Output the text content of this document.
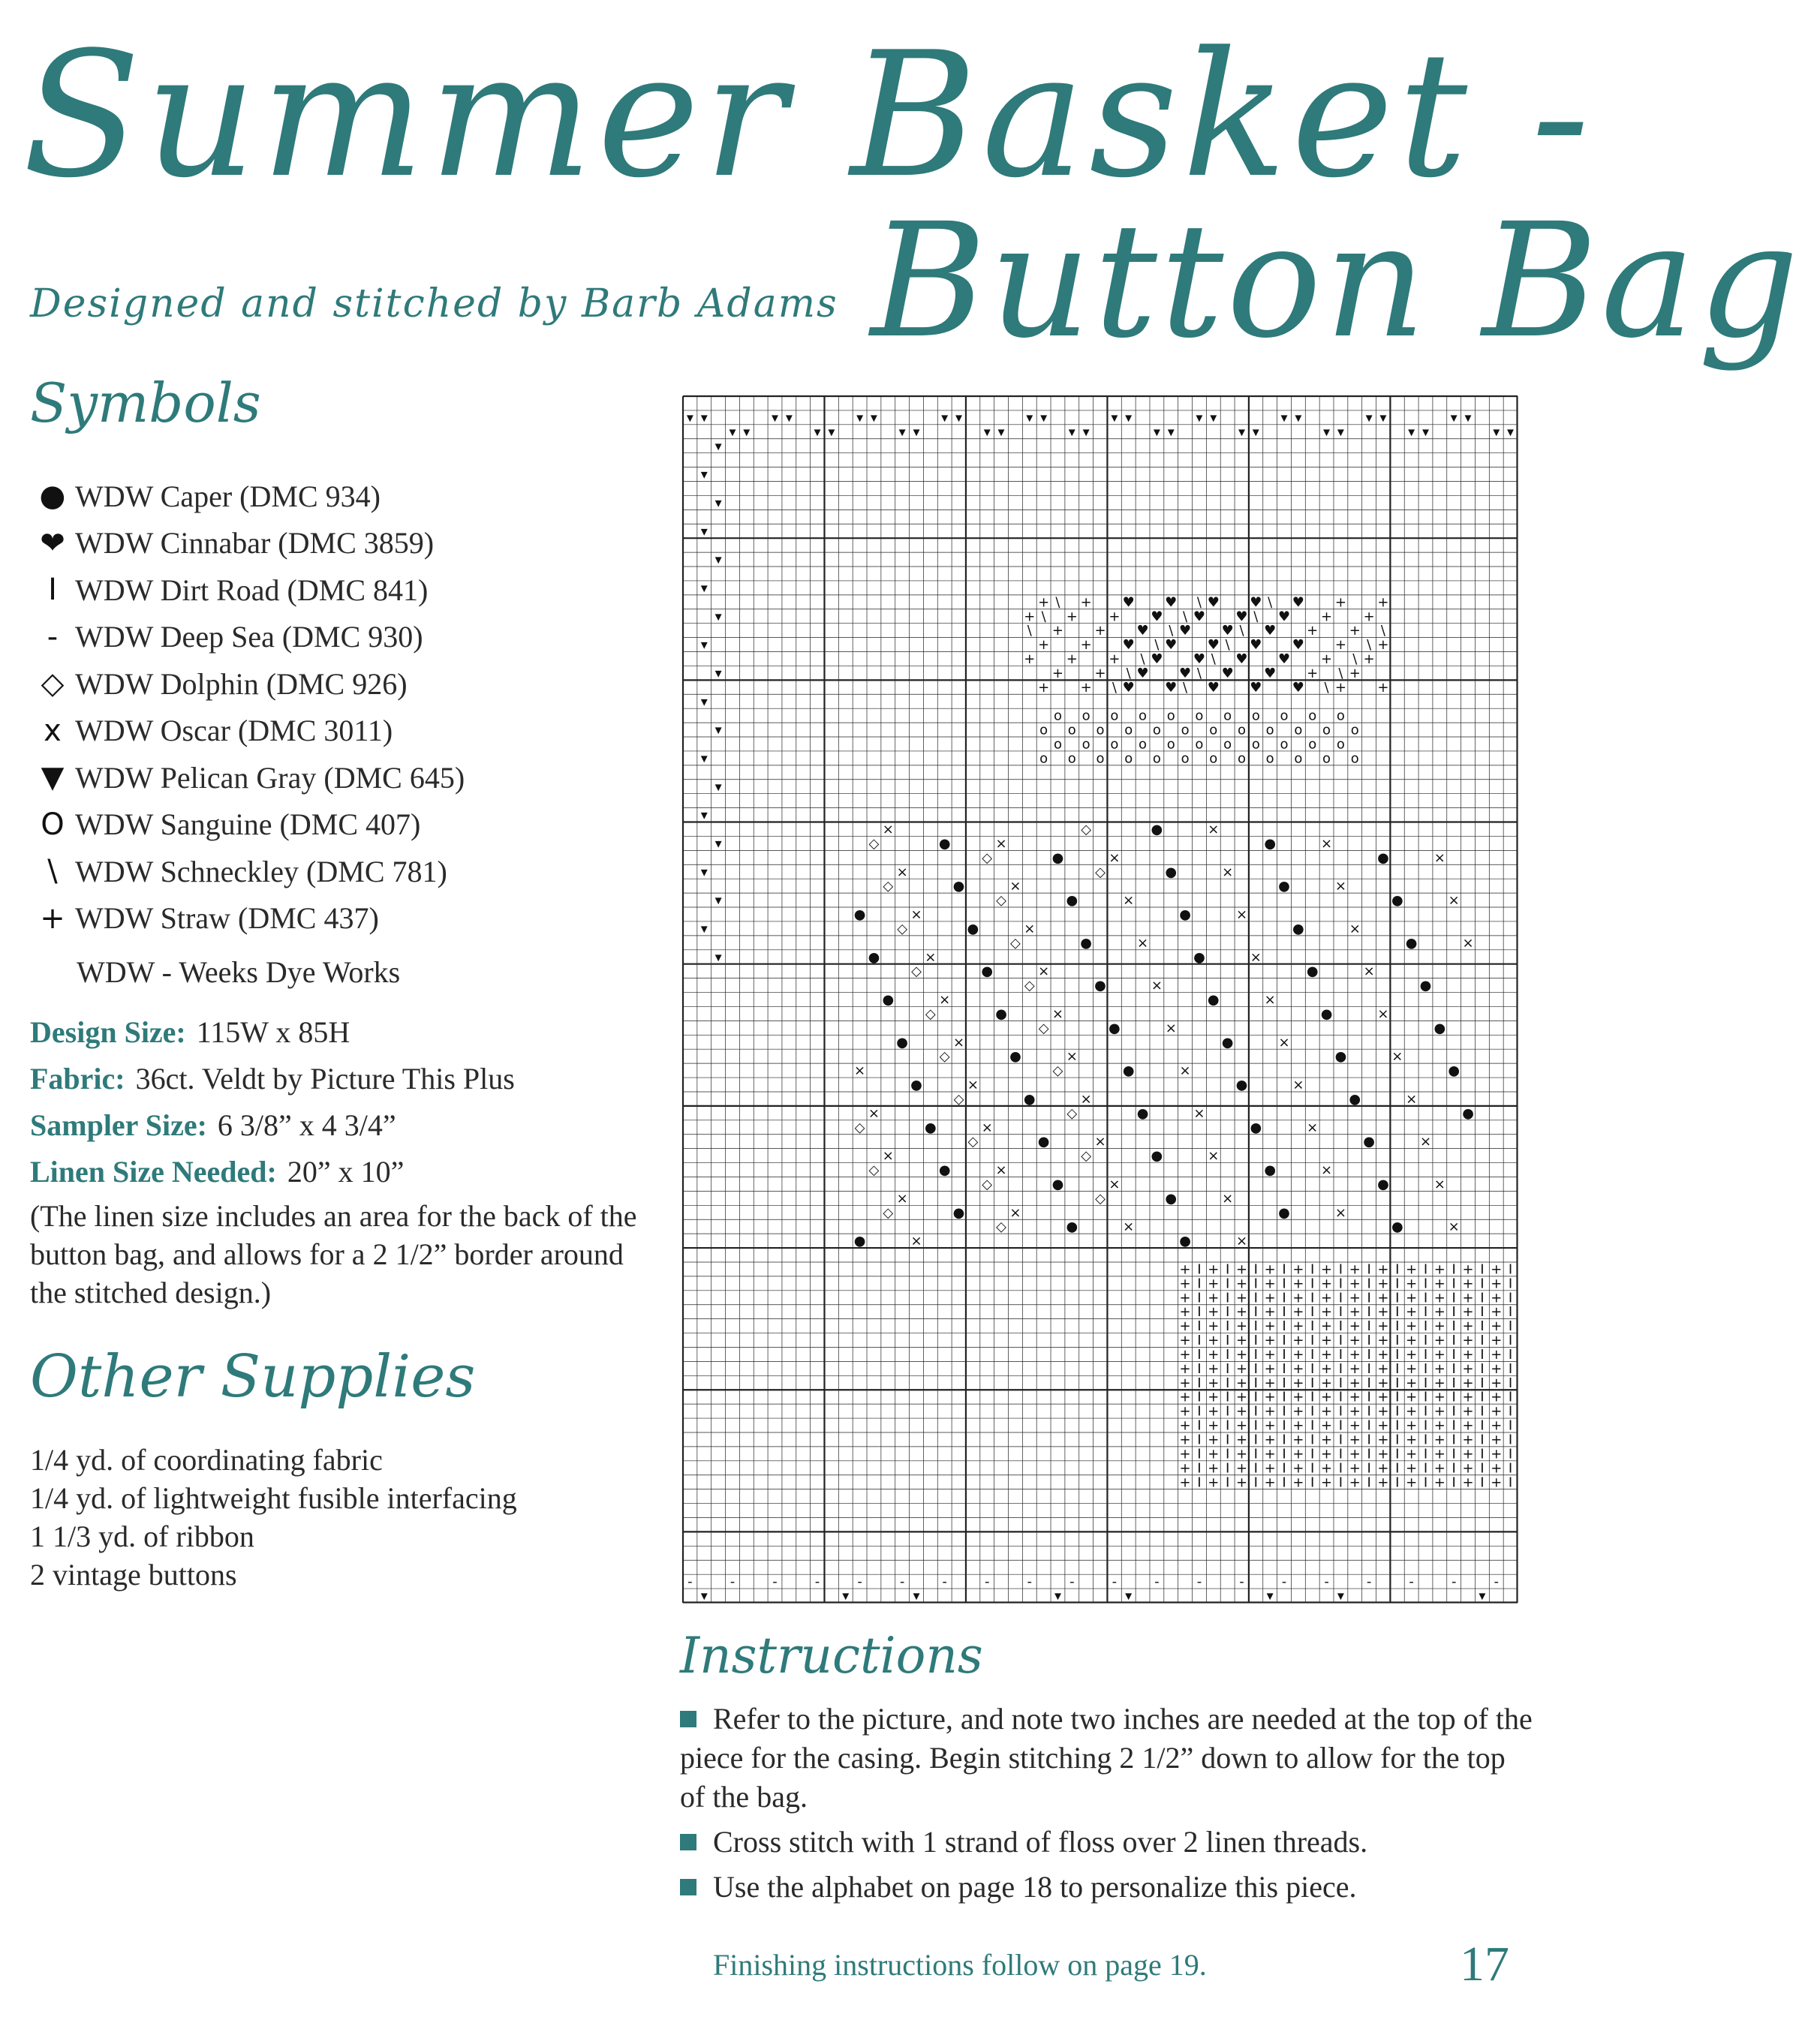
Summer Basket -
Button Bag
Designed and stitched by Barb Adams
Symbols
● WDW Caper (DMC 934)
❤ WDW Cinnabar (DMC 3859)
I WDW Dirt Road (DMC 841)
- WDW Deep Sea (DMC 930)
◇ WDW Dolphin (DMC 926)
x WDW Oscar (DMC 3011)
▼ WDW Pelican Gray (DMC 645)
O WDW Sanguine (DMC 407)
\ WDW Schneckley (DMC 781)
+ WDW Straw (DMC 437)
WDW - Weeks Dye Works
Design Size: 115W x 85H
Fabric: 36ct. Veldt by Picture This Plus
Sampler Size: 6 3/8” x 4 3/4”
Linen Size Needed: 20” x 10”
(The linen size includes an area for the back of the button bag, and allows for a 2 1/2” border around the stitched design.)
Other Supplies
1/4 yd. of coordinating fabric
1/4 yd. of lightweight fusible interfacing
1 1/3 yd. of ribbon
2 vintage buttons
▾ ▾
▾ ▾
▾ ▾
▾ ▾
▾ ▾
▾ ▾
▾ ▾
▾ ▾
▾ ▾
▾ ▾
▾ ▾
▾ ▾
▾ ▾
▾ ▾
▾ ▾
▾ ▾
▾ ▾
▾ ▾
▾ ▾
▾ ▾
▾
▾
▾
▾
▾
▾
▾
▾
▾
▾
▾
▾
▾
▾
▾
▾
▾
▾
▾
+ \ + ♥ ♥ \ ♥ ♥ \ ♥ + +
+ \ + + ♥ \ ♥ ♥ \ ♥ + +
\ + + ♥ \ ♥ ♥ \ ♥ + + \
+ + ♥ \ ♥ ♥ \ ♥ ♥ + \ +
+ + + \ ♥ ♥ \ ♥ ♥ + \ +
+ + \ ♥ ♥ \ ♥ ♥ + \ +
+ + \ ♥ ♥ \ ♥ ♥ ♥ \ + +
o o o o o o o o o o o
o o o o o o o o o o o o
o o o o o o o o o o o
o o o o o o o o o o o o
×	◇	●	×
◇	●	×	●	×
◇	●	×	●	×
×	◇	●	×
◇	●	×	●	×
◇	●	×	●	×
●	×	●	×
◇	●	×	●	×
◇	●	×	●	×
●	×	●	×
◇	●	×	●	×
◇	●	×	●
●	×	●	×
◇	●	×	●	×
◇	●	×	●
●	×	●	×
◇	●	×	●	×
×	◇	●	×	●
●	×	●	×
◇	●	×	●	×
×	◇	●	×	●
◇	●	×	●	×
◇	●	×	●	×
×	◇	●	×
◇	●	×	●	×
◇	●	×	●	×
×	◇	●	×
◇	●	×	●	×
◇	●	×	●	×
●	×	●	×
+ I + I + I + I + I + I + I + I + I + I + I + I
+ I + I + I + I + I + I + I + I + I + I + I + I
+ I + I + I + I + I + I + I + I + I + I + I + I
+ I + I + I + I + I + I + I + I + I + I + I + I
+ I + I + I + I + I + I + I + I + I + I + I + I
+ I + I + I + I + I + I + I + I + I + I + I + I
+ I + I + I + I + I + I + I + I + I + I + I + I
+ I + I + I + I + I + I + I + I + I + I + I + I
+ I + I + I + I + I + I + I + I + I + I + I + I
+ I + I + I + I + I + I + I + I + I + I + I + I
+ I + I + I + I + I + I + I + I + I + I + I + I
+ I + I + I + I + I + I + I + I + I + I + I + I
+ I + I + I + I + I + I + I + I + I + I + I + I
+ I + I + I + I + I + I + I + I + I + I + I + I
+ I + I + I + I + I + I + I + I + I + I + I + I
+ I + I + I + I + I + I + I + I + I + I + I + I
-
▾
-	-	-
▾
-	-
▾
-	-	-
▾
-	-
▾
-	-	-
▾
-	-
▾
-	-	-
▾
-
Instructions
Refer to the picture, and note two inches are needed at the top of the piece for the casing. Begin stitching 2 1/2” down to allow for the top of the bag.
Cross stitch with 1 strand of floss over 2 linen threads.
Use the alphabet on page 18 to personalize this piece.
Finishing instructions follow on page 19.	17
